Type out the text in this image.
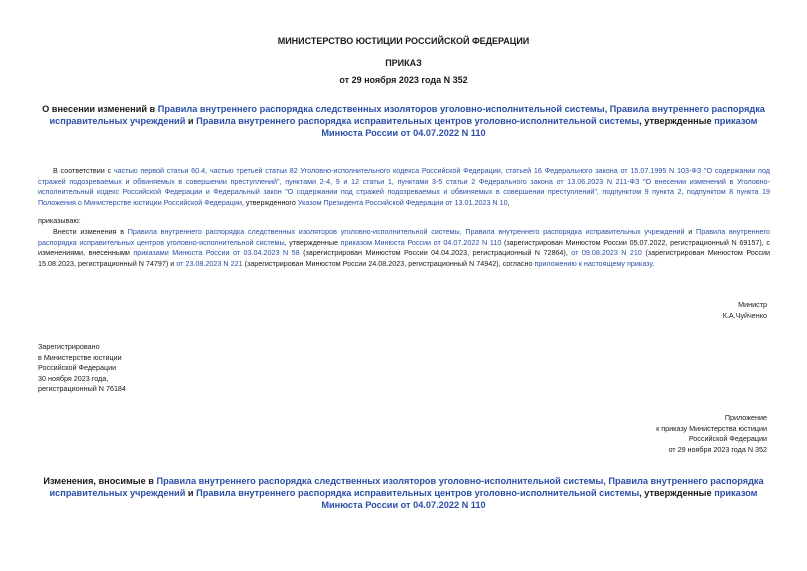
МИНИСТЕРСТВО ЮСТИЦИИ РОССИЙСКОЙ ФЕДЕРАЦИИ
ПРИКАЗ
от 29 ноября 2023 года N 352
О внесении изменений в Правила внутреннего распорядка следственных изоляторов уголовно-исполнительной системы, Правила внутреннего распорядка исправительных учреждений и Правила внутреннего распорядка исправительных центров уголовно-исполнительной системы, утвержденные приказом Минюста России от 04.07.2022 N 110
В соответствии с частью первой статьи 60.4, частью третьей статьи 82 Уголовно-исполнительного кодекса Российской Федерации, статьей 16 Федерального закона от 15.07.1995 N 103-ФЗ "О содержании под стражей подозреваемых и обвиняемых в совершении преступлений", пунктами 2-4, 9 и 12 статьи 1, пунктами 3-5 статьи 2 Федерального закона от 13.06.2023 N 211-ФЗ "О внесении изменений в Уголовно-исполнительный кодекс Российской Федерации и Федеральный закон "О содержании под стражей подозреваемых и обвиняемых в совершении преступлений", подпунктом 9 пункта 2, подпунктом 8 пункта 19 Положения о Министерстве юстиции Российской Федерации, утвержденного Указом Президента Российской Федерации от 13.01.2023 N 10,
приказываю:
Внести изменения в Правила внутреннего распорядка следственных изоляторов уголовно-исполнительной системы, Правила внутреннего распорядка исправительных учреждений и Правила внутреннего распорядка исправительных центров уголовно-исполнительной системы, утвержденные приказом Минюста России от 04.07.2022 N 110 (зарегистрирован Минюстом России 05.07.2022, регистрационный N 69157), с изменениями, внесенными приказами Минюста России от 03.04.2023 N 58 (зарегистрирован Минюстом России 04.04.2023, регистрационный N 72864), от 09.08.2023 N 210 (зарегистрирован Минюстом России 15.08.2023, регистрационный N 74797) и от 23.08.2023 N 221 (зарегистрирован Минюстом России 24.08.2023, регистрационный N 74942), согласно приложению к настоящему приказу.
Министр
К.А.Чуйченко
Зарегистрировано
в Министерстве юстиции
Российской Федерации
30 ноября 2023 года,
регистрационный N 76184
Приложение
к приказу Министерства юстиции
Российской Федерации
от 29 ноября 2023 года N 352
Изменения, вносимые в Правила внутреннего распорядка следственных изоляторов уголовно-исполнительной системы, Правила внутреннего распорядка исправительных учреждений и Правила внутреннего распорядка исправительных центров уголовно-исполнительной системы, утвержденные приказом Минюста России от 04.07.2022 N 110
